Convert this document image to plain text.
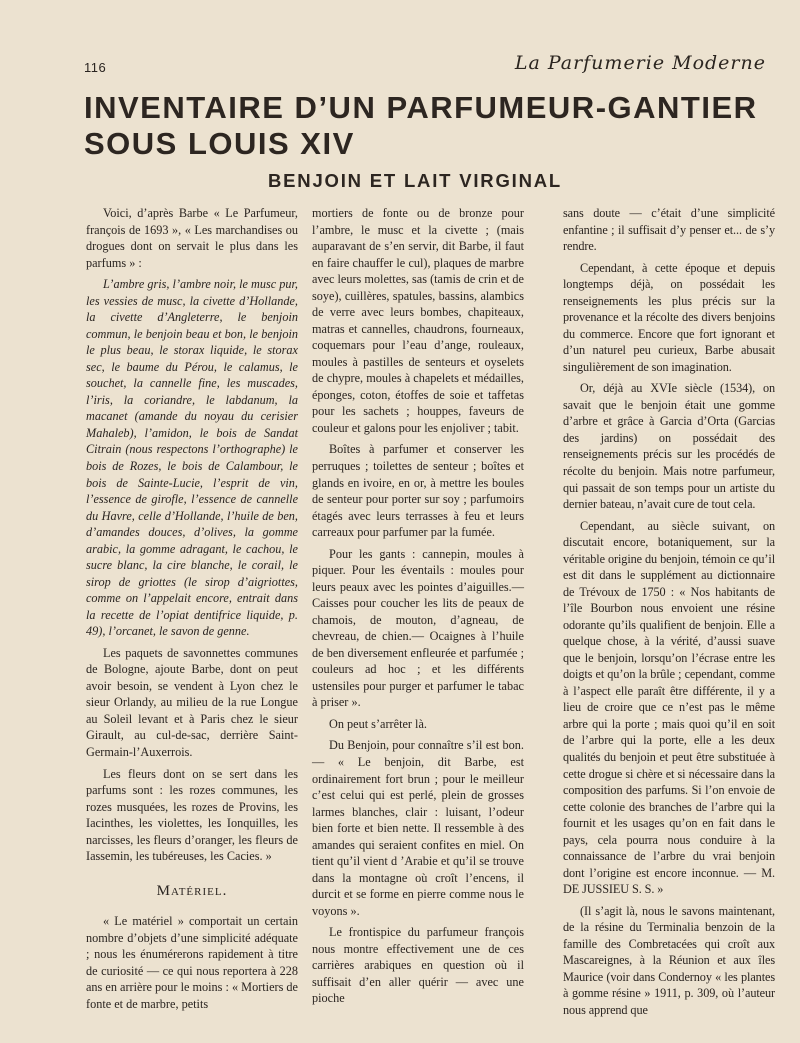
116	La Parfumerie Moderne
INVENTAIRE D’UN PARFUMEUR-GANTIER SOUS LOUIS XIV
BENJOIN ET LAIT VIRGINAL

Voici, d’après Barbe « Le Parfumeur, françois de 1693 », « Les marchandises ou drogues dont on servait le plus dans les parfums » :

L’ambre gris, l’ambre noir, le musc pur, les vessies de musc, la civette d’Hollande, la civette d’Angleterre, le benjoin commun, le benjoin beau et bon, le benjoin le plus beau, le storax liquide, le storax sec, le baume du Pérou, le calamus, le souchet, la cannelle fine, les muscades, l’iris, la coriandre, le labdanum, la macanet (amande du noyau du cerisier Mahaleb), l’amidon, le bois de Sandat Citrain (nous respectons l’orthographe) le bois de Rozes, le bois de Calambour, le bois de Sainte-Lucie, l’esprit de vin, l’essence de girofle, l’essence de cannelle du Havre, celle d’Hollande, l’huile de ben, d’amandes douces, d’olives, la gomme arabic, la gomme adragant, le cachou, le sucre blanc, la cire blanche, le corail, le sirop de griottes (le sirop d’aigriottes, comme on l’appelait encore, entrait dans la recette de l’opiat dentifrice liquide, p. 49), l’orcanet, le savon de genne.

Les paquets de savonnettes communes de Bologne, ajoute Barbe, dont on peut avoir besoin, se vendent à Lyon chez le sieur Orlandy, au milieu de la rue Longue au Soleil levant et à Paris chez le sieur Girault, au cul-de-sac, derrière Saint-Germain-l’Auxerrois.

Les fleurs dont on se sert dans les parfums sont : les rozes communes, les rozes musquées, les rozes de Provins, les Iacinthes, les violettes, les Ionquilles, les narcisses, les fleurs d’oranger, les fleurs de Iassemin, les tubéreuses, les Cacies. »

Matériel.

« Le matériel » comportait un certain nombre d’objets d’une simplicité adéquate ; nous les énumérerons rapidement à titre de curiosité — ce qui nous reportera à 228 ans en arrière pour le moins : « Mortiers de fonte et de marbre, petits

mortiers de fonte ou de bronze pour l’ambre, le musc et la civette ; (mais auparavant de s’en servir, dit Barbe, il faut en faire chauffer le cul), plaques de marbre avec leurs molettes, sas (tamis de crin et de soye), cuillères, spatules, bassins, alambics de verre avec leurs bombes, chapiteaux, matras et cannelles, chaudrons, fourneaux, coquemars pour l’eau d’ange, rouleaux, moules à pastilles de senteurs et oyselets de chypre, moules à chapelets et médailles, éponges, coton, étoffes de soie et taffetas pour les sachets ; houppes, faveurs de couleur et galons pour les enjoliver ; tabit.

Boîtes à parfumer et conserver les perruques ; toilettes de senteur ; boîtes et glands en ivoire, en or, à mettre les boules de senteur pour porter sur soy ; parfumoirs étagés avec leurs terrasses à feu et leurs carreaux pour parfumer par la fumée.

Pour les gants : cannepin, moules à piquer. Pour les éventails : moules pour leurs peaux avec les pointes d’aiguilles.— Caisses pour coucher les lits de peaux de chamois, de mouton, d’agneau, de chevreau, de chien.— Ocaignes à l’huile de ben diversement enfleurée et parfumée ; couleurs ad hoc ; et les différents ustensiles pour purger et parfumer le tabac à priser ».

On peut s’arrêter là.

Du Benjoin, pour connaître s’il est bon. — « Le benjoin, dit Barbe, est ordinairement fort brun ; pour le meilleur c’est celui qui est perlé, plein de grosses larmes blanches, clair : luisant, l’odeur bien forte et bien nette. Il ressemble à des amandes qui seraient confites en miel. On tient qu’il vient d ’Arabie et qu’il se trouve dans la montagne où croît l’encens, il durcit et se forme en pierre comme nous le voyons ».

Le frontispice du parfumeur françois nous montre effectivement une de ces carrières arabiques en question où il suffisait d’en aller quérir — avec une pioche

sans doute — c’était d’une simplicité enfantine ; il suffisait d’y penser et... de s’y rendre.

Cependant, à cette époque et depuis longtemps déjà, on possédait les renseignements les plus précis sur la provenance et la récolte des divers benjoins du commerce. Encore que fort ignorant et d’un naturel peu curieux, Barbe abusait singulièrement de son imagination.

Or, déjà au XVIe siècle (1534), on savait que le benjoin était une gomme d’arbre et grâce à Garcia d’Orta (Garcias des jardins) on possédait des renseignements précis sur les procédés de récolte du benjoin. Mais notre parfumeur, qui passait de son temps pour un artiste du dernier bateau, n’avait cure de tout cela.

Cependant, au siècle suivant, on discutait encore, botaniquement, sur la véritable origine du benjoin, témoin ce qu’il est dit dans le supplément au dictionnaire de Trévoux de 1750 : « Nos habitants de l’île Bourbon nous envoient une résine odorante qu’ils qualifient de benjoin. Elle a quelque chose, à la vérité, d’aussi suave que le benjoin, lorsqu’on l’écrase entre les doigts et qu’on la brûle ; cependant, comme à l’aspect elle paraît être différente, il y a lieu de croire que ce n’est pas le même arbre qui la porte ; mais quoi qu’il en soit de l’arbre qui la porte, elle a les deux qualités du benjoin et peut être substituée à cette drogue si chère et si nécessaire dans la composition des parfums. Si l’on envoie de cette colonie des branches de l’arbre qui la fournit et les usages qu’on en fait dans le pays, cela pourra nous conduire à la connaissance de l’arbre du vrai benjoin dont l’origine est encore inconnue. — M. DE JUSSIEU S. S. »

(Il s’agit là, nous le savons maintenant, de la résine du Terminalia benzoin de la famille des Combretacées qui croît aux Mascareignes, à la Réunion et aux îles Maurice (voir dans Condernoy « les plantes à gomme résine » 1911, p. 309, où l’auteur nous apprend que
